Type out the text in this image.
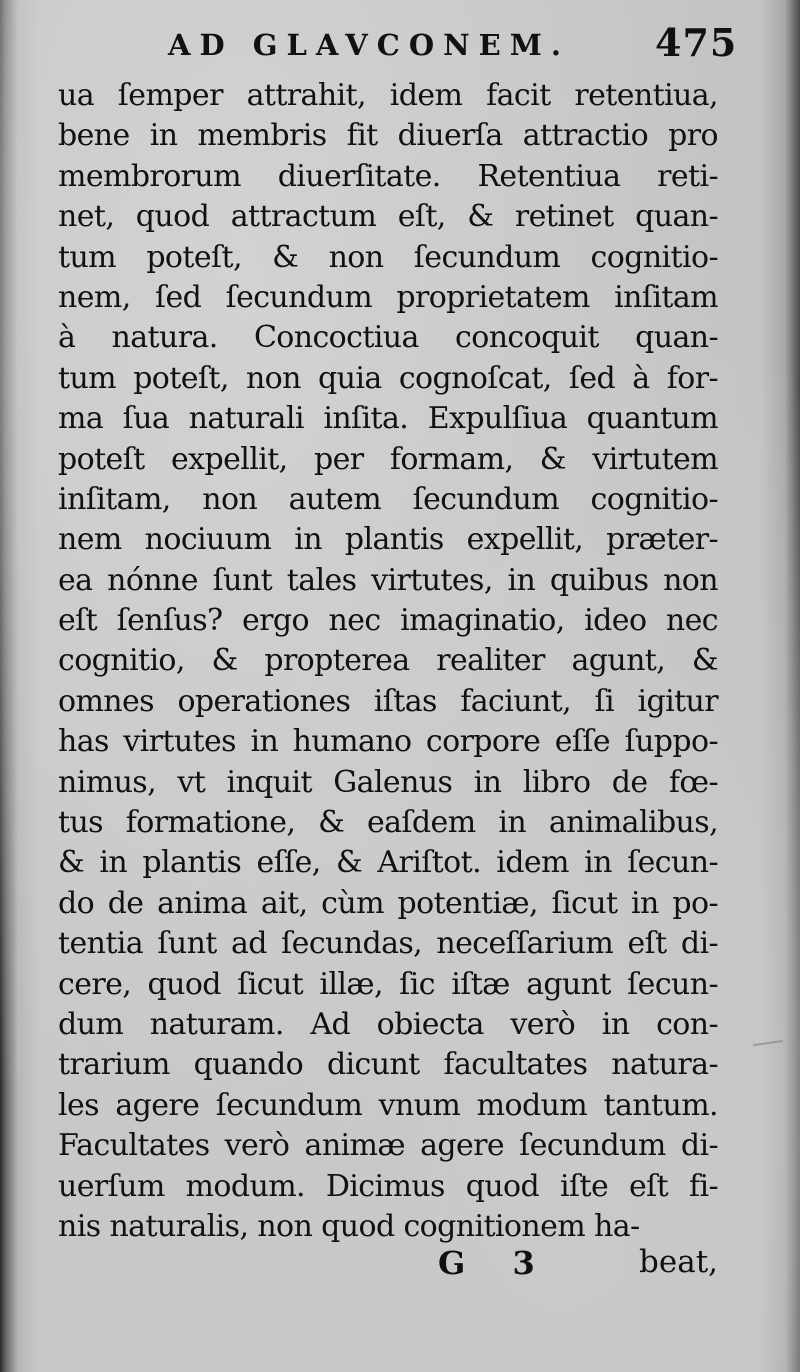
AD GLAVCONEM. 475
ua ſemper attrahit, idem facit retentiua,
bene in membris fit diuerſa attractio pro
membrorum diuerſitate. Retentiua reti-
net, quod attractum eſt, & retinet quan-
tum poteſt, & non ſecundum cognitio-
nem, ſed ſecundum proprietatem inſitam
à natura. Concoctiua concoquit quan-
tum poteſt, non quia cognoſcat, ſed à for-
ma ſua naturali inſita. Expulſiua quantum
poteſt expellit, per formam, & virtutem
inſitam, non autem ſecundum cognitio-
nem nociuum in plantis expellit, præter-
ea nónne ſunt tales virtutes, in quibus non
eſt ſenſus? ergo nec imaginatio, ideo nec
cognitio, & propterea realiter agunt, &
omnes operationes iſtas faciunt, ſi igitur
has virtutes in humano corpore eſſe ſuppo-
nimus, vt inquit Galenus in libro de fœ-
tus formatione, & eaſdem in animalibus,
& in plantis eſſe, & Ariſtot. idem in ſecun-
do de anima ait, cùm potentiæ, ſicut in po-
tentia ſunt ad ſecundas, neceſſarium eſt di-
cere, quod ſicut illæ, ſic iſtæ agunt ſecun-
dum naturam. Ad obiecta verò in con-
trarium quando dicunt facultates natura-
les agere ſecundum vnum modum tantum.
Facultates verò animæ agere ſecundum di-
uerſum modum. Dicimus quod iſte eſt fi-
nis naturalis, non quod cognitionem ha-
G 3	beat,
